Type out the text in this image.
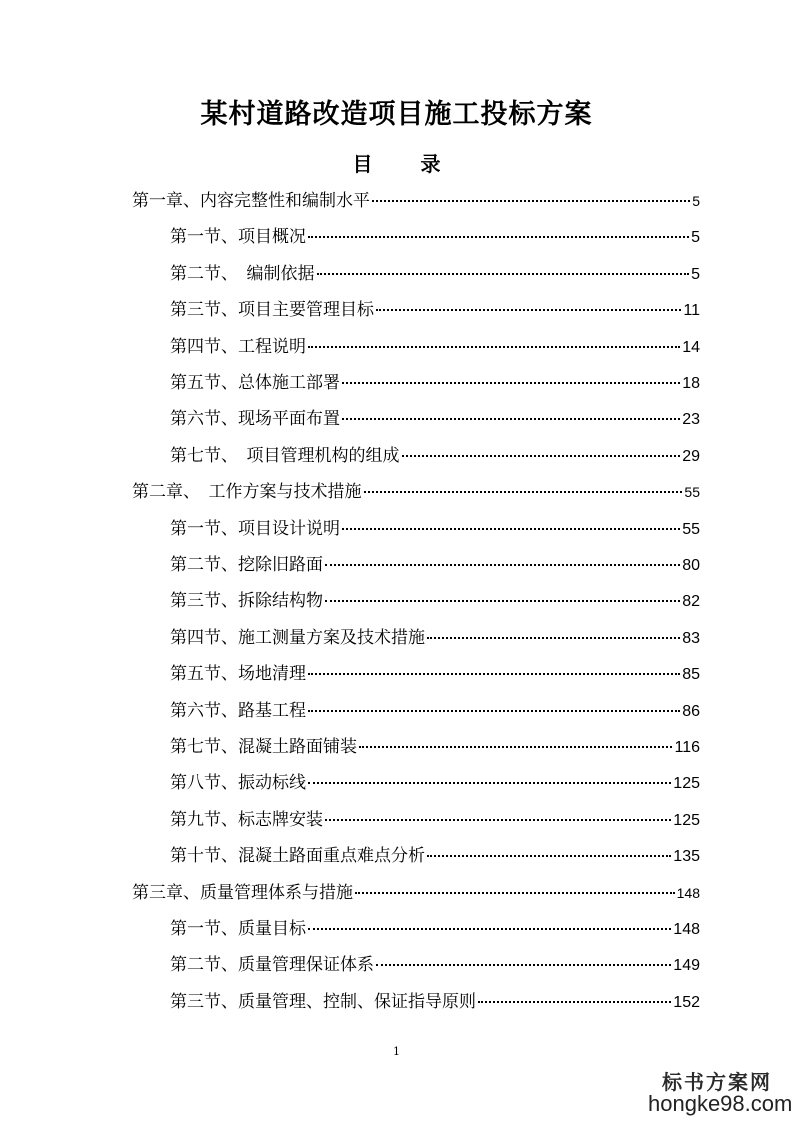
某村道路改造项目施工投标方案
目　录
第一章、内容完整性和编制水平	5
第一节、项目概况	5
第二节、　编制依据	5
第三节、项目主要管理目标	11
第四节、工程说明	14
第五节、总体施工部署	18
第六节、现场平面布置	23
第七节、　项目管理机构的组成	29
第二章、　工作方案与技术措施	55
第一节、项目设计说明	55
第二节、挖除旧路面	80
第三节、拆除结构物	82
第四节、施工测量方案及技术措施	83
第五节、场地清理	85
第六节、路基工程	86
第七节、混凝土路面铺装	116
第八节、振动标线	125
第九节、标志牌安装	125
第十节、混凝土路面重点难点分析	135
第三章、质量管理体系与措施	148
第一节、质量目标	148
第二节、质量管理保证体系	149
第三节、质量管理、控制、保证指导原则	152
1
标书方案网
hongke98.com
